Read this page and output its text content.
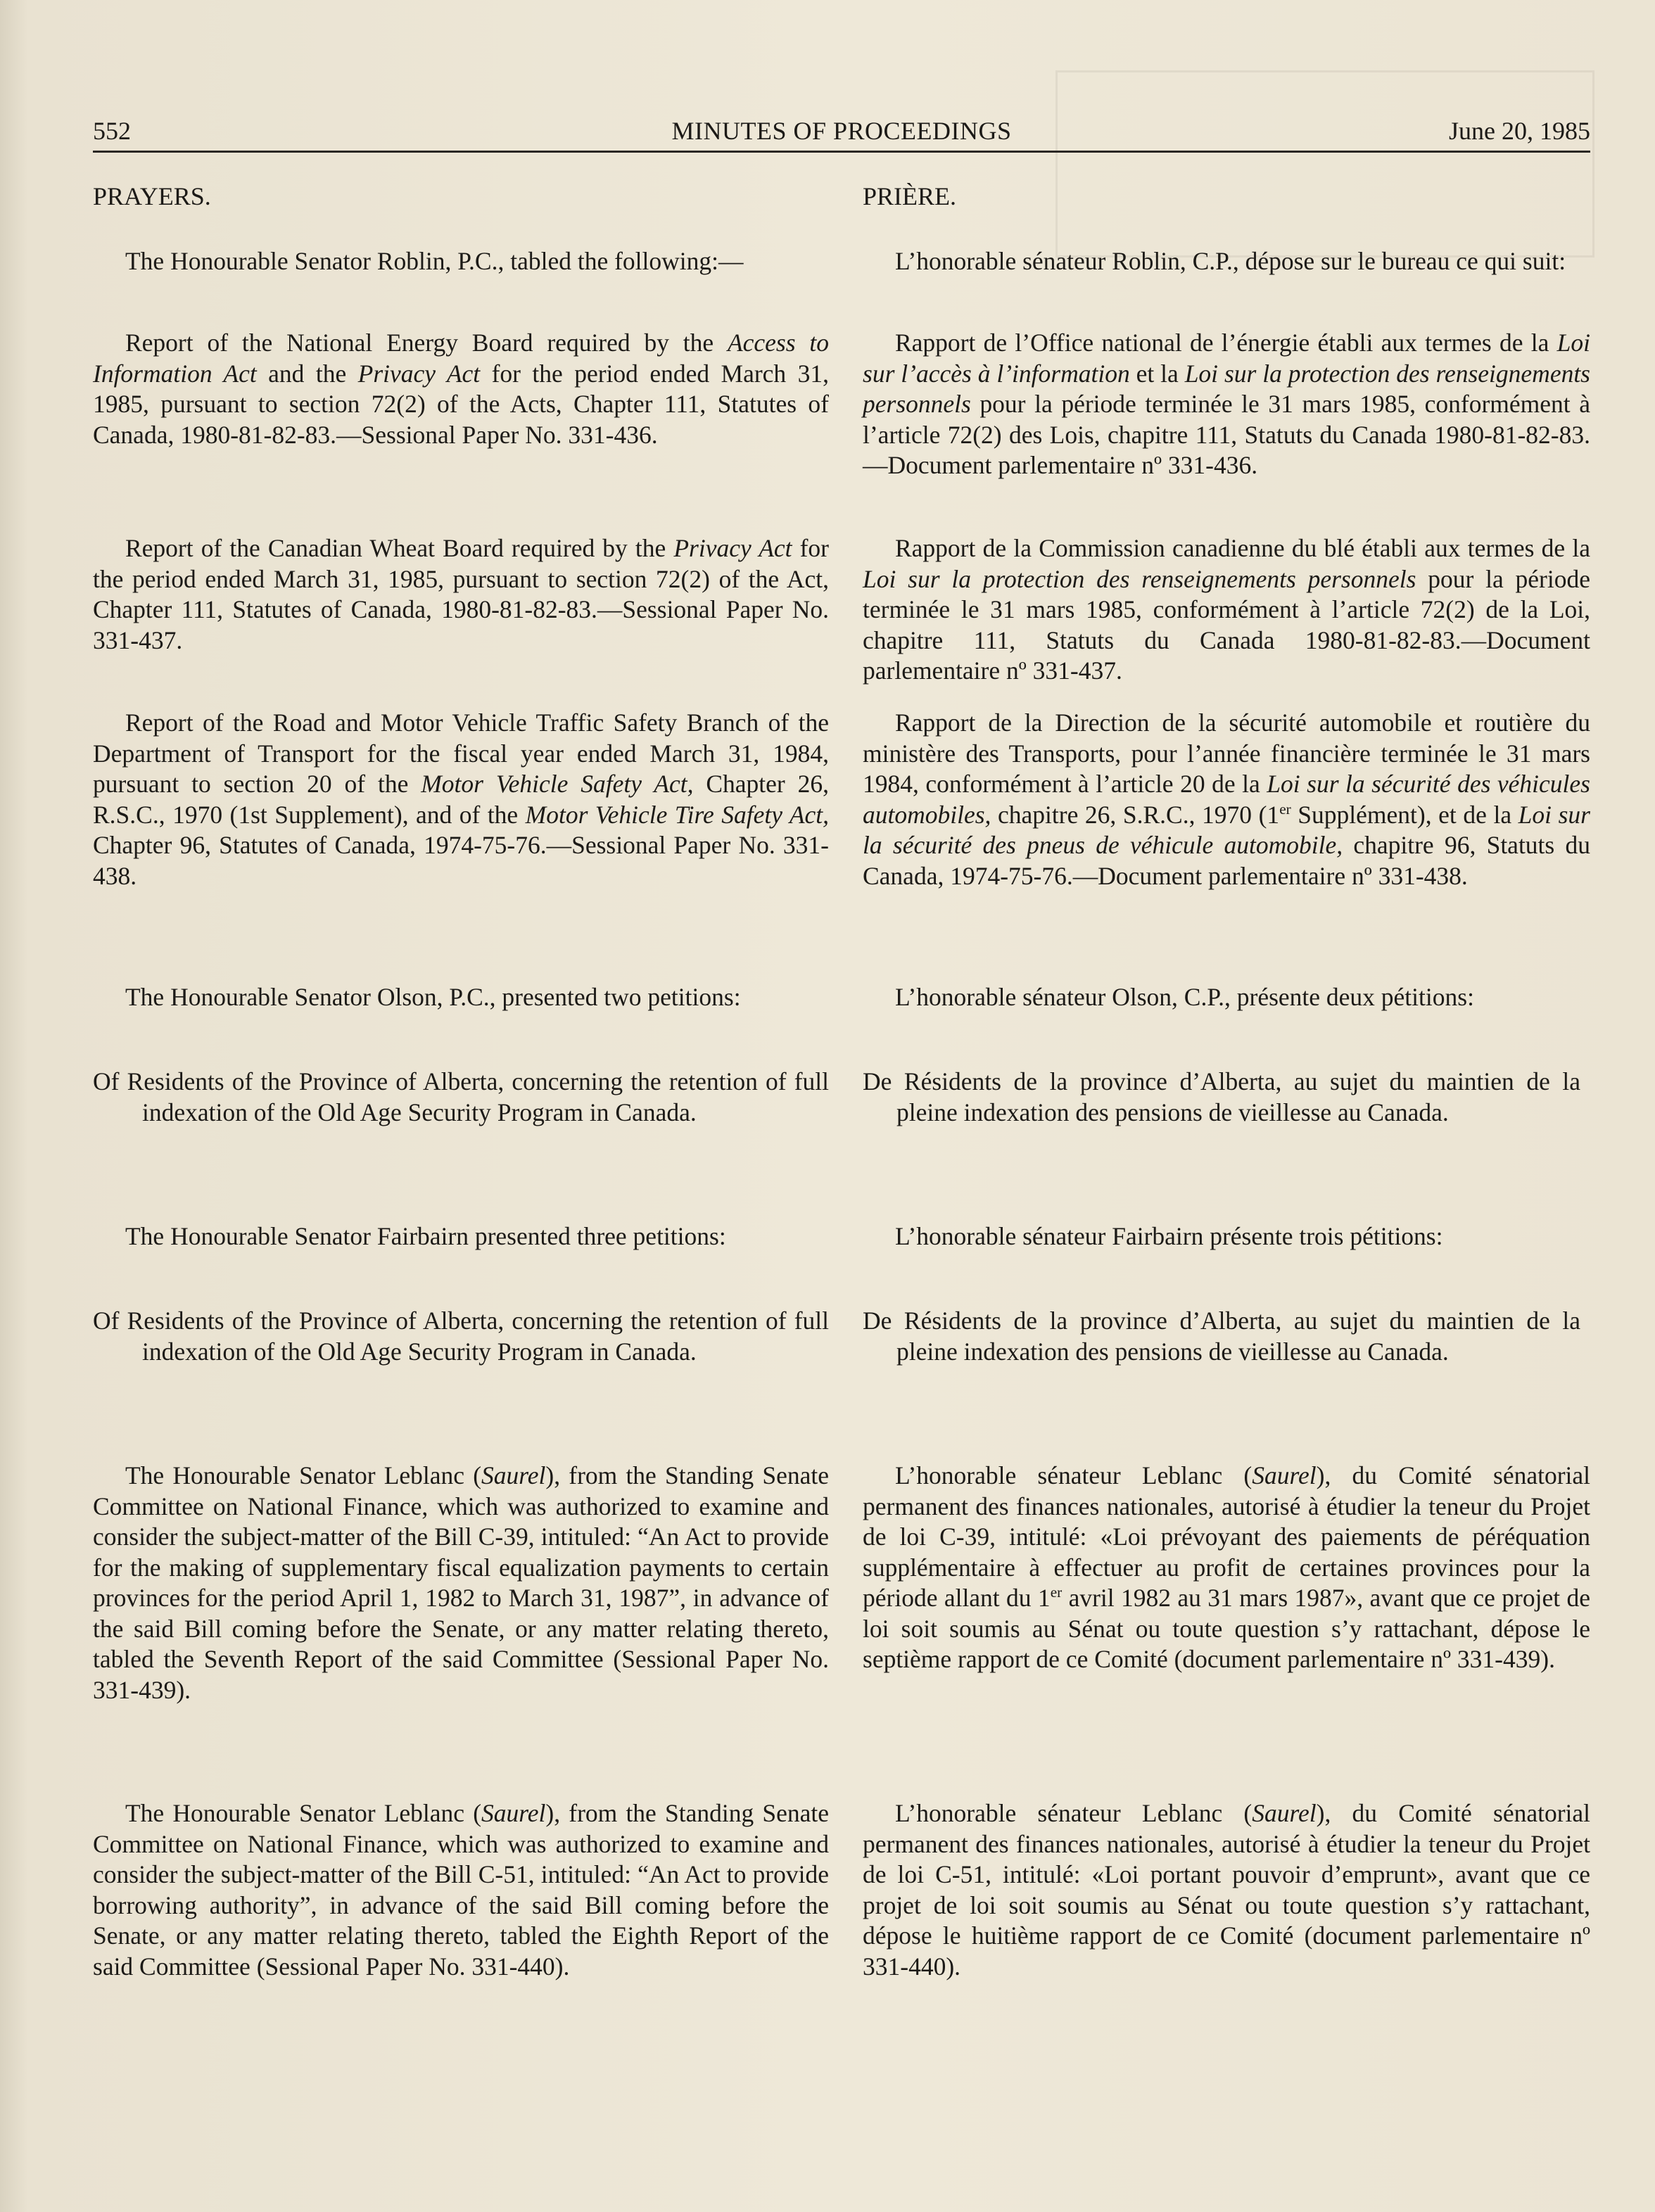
552	MINUTES OF PROCEEDINGS	June 20, 1985

PRAYERS.

The Honourable Senator Roblin, P.C., tabled the following:—

Report of the National Energy Board required by the Access to Information Act and the Privacy Act for the period ended March 31, 1985, pursuant to section 72(2) of the Acts, Chapter 111, Statutes of Canada, 1980-81-82-83.—Sessional Paper No. 331-436.

Report of the Canadian Wheat Board required by the Privacy Act for the period ended March 31, 1985, pursuant to section 72(2) of the Act, Chapter 111, Statutes of Canada, 1980-81-82-83.—Sessional Paper No. 331-437.

Report of the Road and Motor Vehicle Traffic Safety Branch of the Department of Transport for the fiscal year ended March 31, 1984, pursuant to section 20 of the Motor Vehicle Safety Act, Chapter 26, R.S.C., 1970 (1st Supplement), and of the Motor Vehicle Tire Safety Act, Chapter 96, Statutes of Canada, 1974-75-76.—Sessional Paper No. 331-438.

The Honourable Senator Olson, P.C., presented two petitions:

Of Residents of the Province of Alberta, concerning the retention of full indexation of the Old Age Security Program in Canada.

The Honourable Senator Fairbairn presented three petitions:

Of Residents of the Province of Alberta, concerning the retention of full indexation of the Old Age Security Program in Canada.

The Honourable Senator Leblanc (Saurel), from the Standing Senate Committee on National Finance, which was authorized to examine and consider the subject-matter of the Bill C-39, intituled: “An Act to provide for the making of supplementary fiscal equalization payments to certain provinces for the period April 1, 1982 to March 31, 1987”, in advance of the said Bill coming before the Senate, or any matter relating thereto, tabled the Seventh Report of the said Committee (Sessional Paper No. 331-439).

The Honourable Senator Leblanc (Saurel), from the Standing Senate Committee on National Finance, which was authorized to examine and consider the subject-matter of the Bill C-51, intituled: “An Act to provide borrowing authority”, in advance of the said Bill coming before the Senate, or any matter relating thereto, tabled the Eighth Report of the said Committee (Sessional Paper No. 331-440).

PRIÈRE.

L’honorable sénateur Roblin, C.P., dépose sur le bureau ce qui suit:

Rapport de l’Office national de l’énergie établi aux termes de la Loi sur l’accès à l’information et la Loi sur la protection des renseignements personnels pour la période terminée le 31 mars 1985, conformément à l’article 72(2) des Lois, chapitre 111, Statuts du Canada 1980-81-82-83.—Document parlementaire nº 331-436.

Rapport de la Commission canadienne du blé établi aux termes de la Loi sur la protection des renseignements personnels pour la période terminée le 31 mars 1985, conformément à l’article 72(2) de la Loi, chapitre 111, Statuts du Canada 1980-81-82-83.—Document parlementaire nº 331-437.

Rapport de la Direction de la sécurité automobile et routière du ministère des Transports, pour l’année financière terminée le 31 mars 1984, conformément à l’article 20 de la Loi sur la sécurité des véhicules automobiles, chapitre 26, S.R.C., 1970 (1er Supplément), et de la Loi sur la sécurité des pneus de véhicule automobile, chapitre 96, Statuts du Canada, 1974-75-76.—Document parlementaire nº 331-438.

L’honorable sénateur Olson, C.P., présente deux pétitions:

De Résidents de la province d’Alberta, au sujet du maintien de la pleine indexation des pensions de vieillesse au Canada.

L’honorable sénateur Fairbairn présente trois pétitions:

De Résidents de la province d’Alberta, au sujet du maintien de la pleine indexation des pensions de vieillesse au Canada.

L’honorable sénateur Leblanc (Saurel), du Comité sénatorial permanent des finances nationales, autorisé à étudier la teneur du Projet de loi C-39, intitulé: «Loi prévoyant des paiements de péréquation supplémentaire à effectuer au profit de certaines provinces pour la période allant du 1er avril 1982 au 31 mars 1987», avant que ce projet de loi soit soumis au Sénat ou toute question s’y rattachant, dépose le septième rapport de ce Comité (document parlementaire nº 331-439).

L’honorable sénateur Leblanc (Saurel), du Comité sénatorial permanent des finances nationales, autorisé à étudier la teneur du Projet de loi C-51, intitulé: «Loi portant pouvoir d’emprunt», avant que ce projet de loi soit soumis au Sénat ou toute question s’y rattachant, dépose le huitième rapport de ce Comité (document parlementaire nº 331-440).
